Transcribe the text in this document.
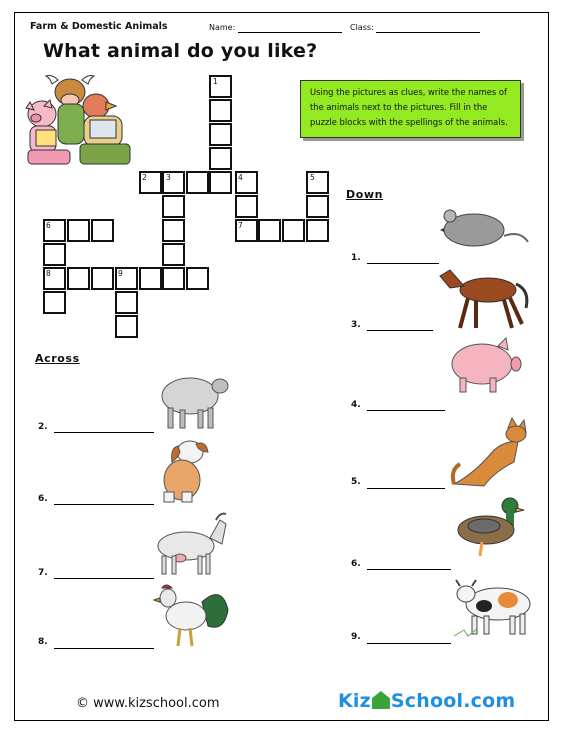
Farm & Domestic Animals	Name:	Class:
What animal do you like?
Using the pictures as clues, write the names of the animals next to the pictures. Fill in the puzzle blocks with the spellings of the animals.
1
2	3	4	5
6	7
8	9
Across
2.
6.
7.
8.
Down
1.
3.
4.
5.
6.
9.
© www.kizschool.com	Kiz School.com
